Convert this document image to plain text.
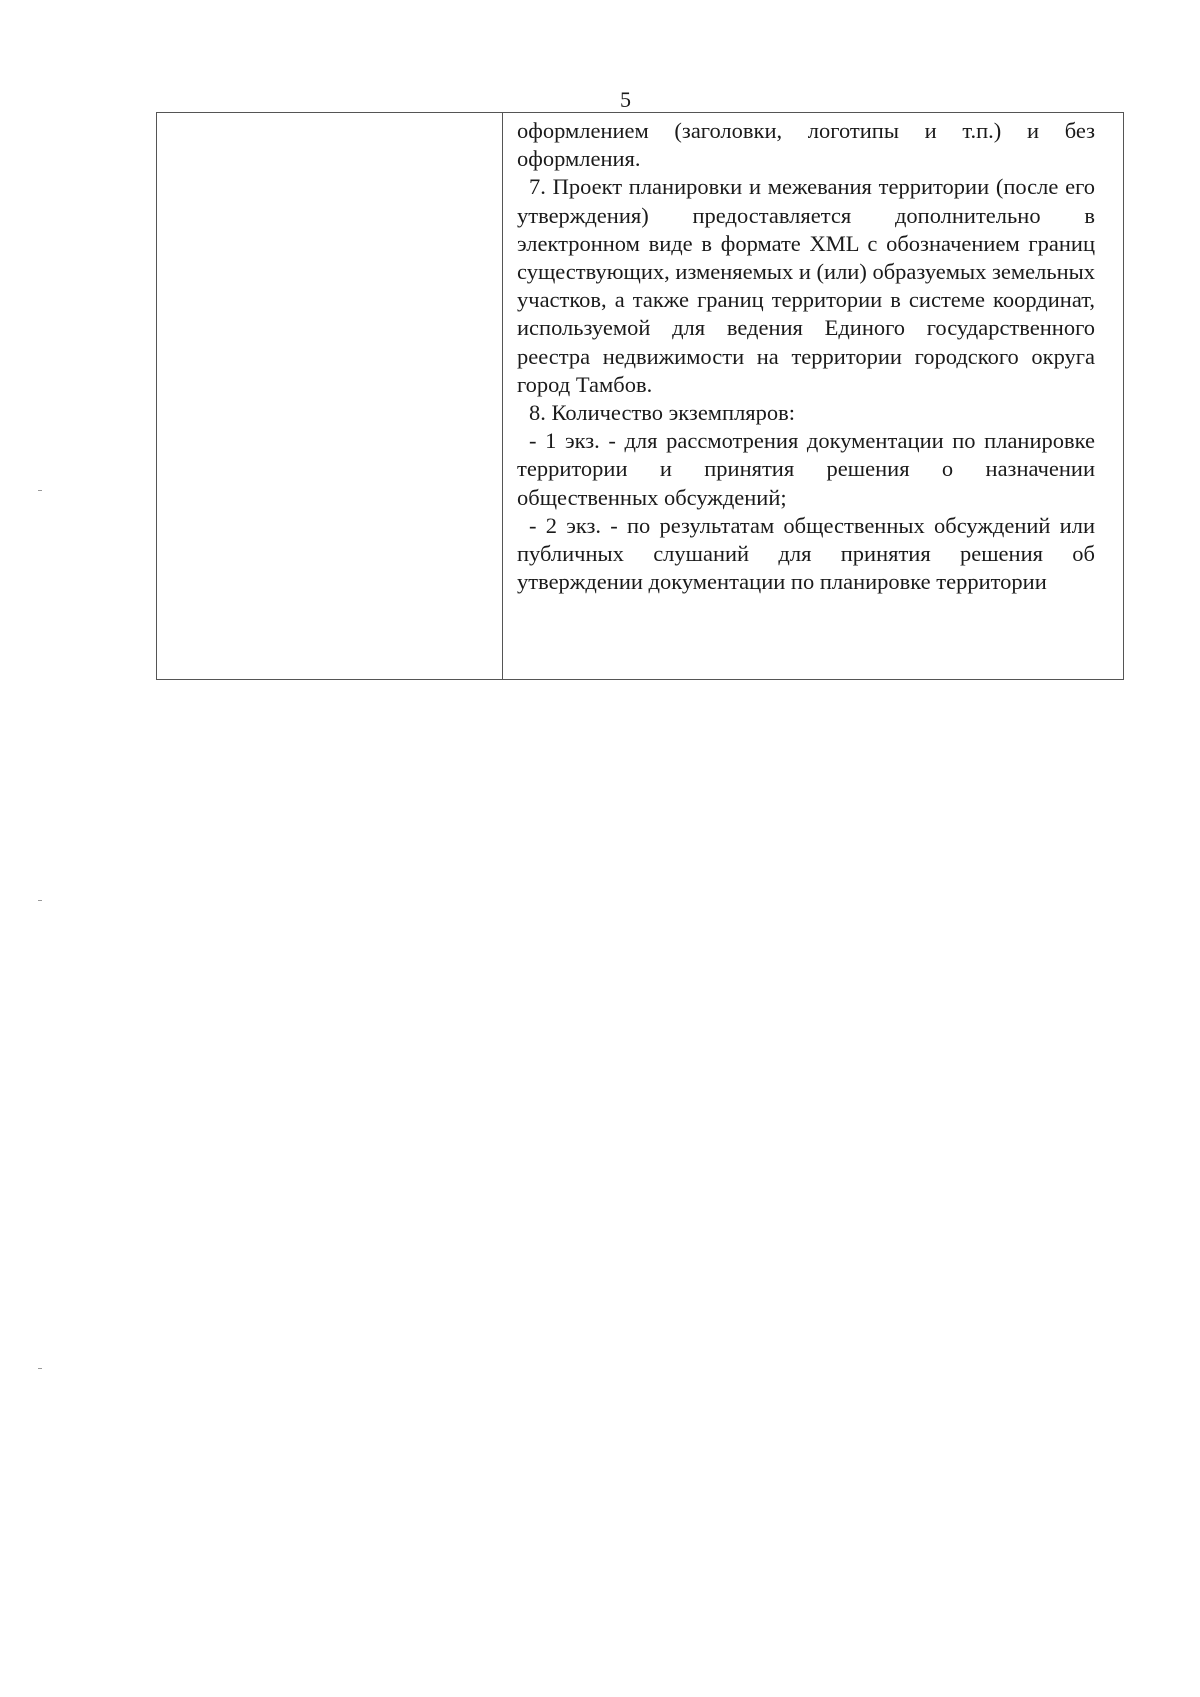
5

оформлением (заголовки, логотипы и т.п.) и без оформления.

7. Проект планировки и межевания территории (после его утверждения) предоставляется дополнительно в электронном виде в формате XML с обозначением границ существующих, изменяемых и (или) образуемых земельных участков, а также границ территории в системе координат, используемой для ведения Единого государственного реестра недвижимости на территории городского округа город Тамбов.

8. Количество экземпляров:

- 1 экз. - для рассмотрения документации по планировке территории и принятия решения о назначении общественных обсуждений;

- 2 экз. - по результатам общественных обсуждений или публичных слушаний для принятия решения об утверждении документации по планировке территории
